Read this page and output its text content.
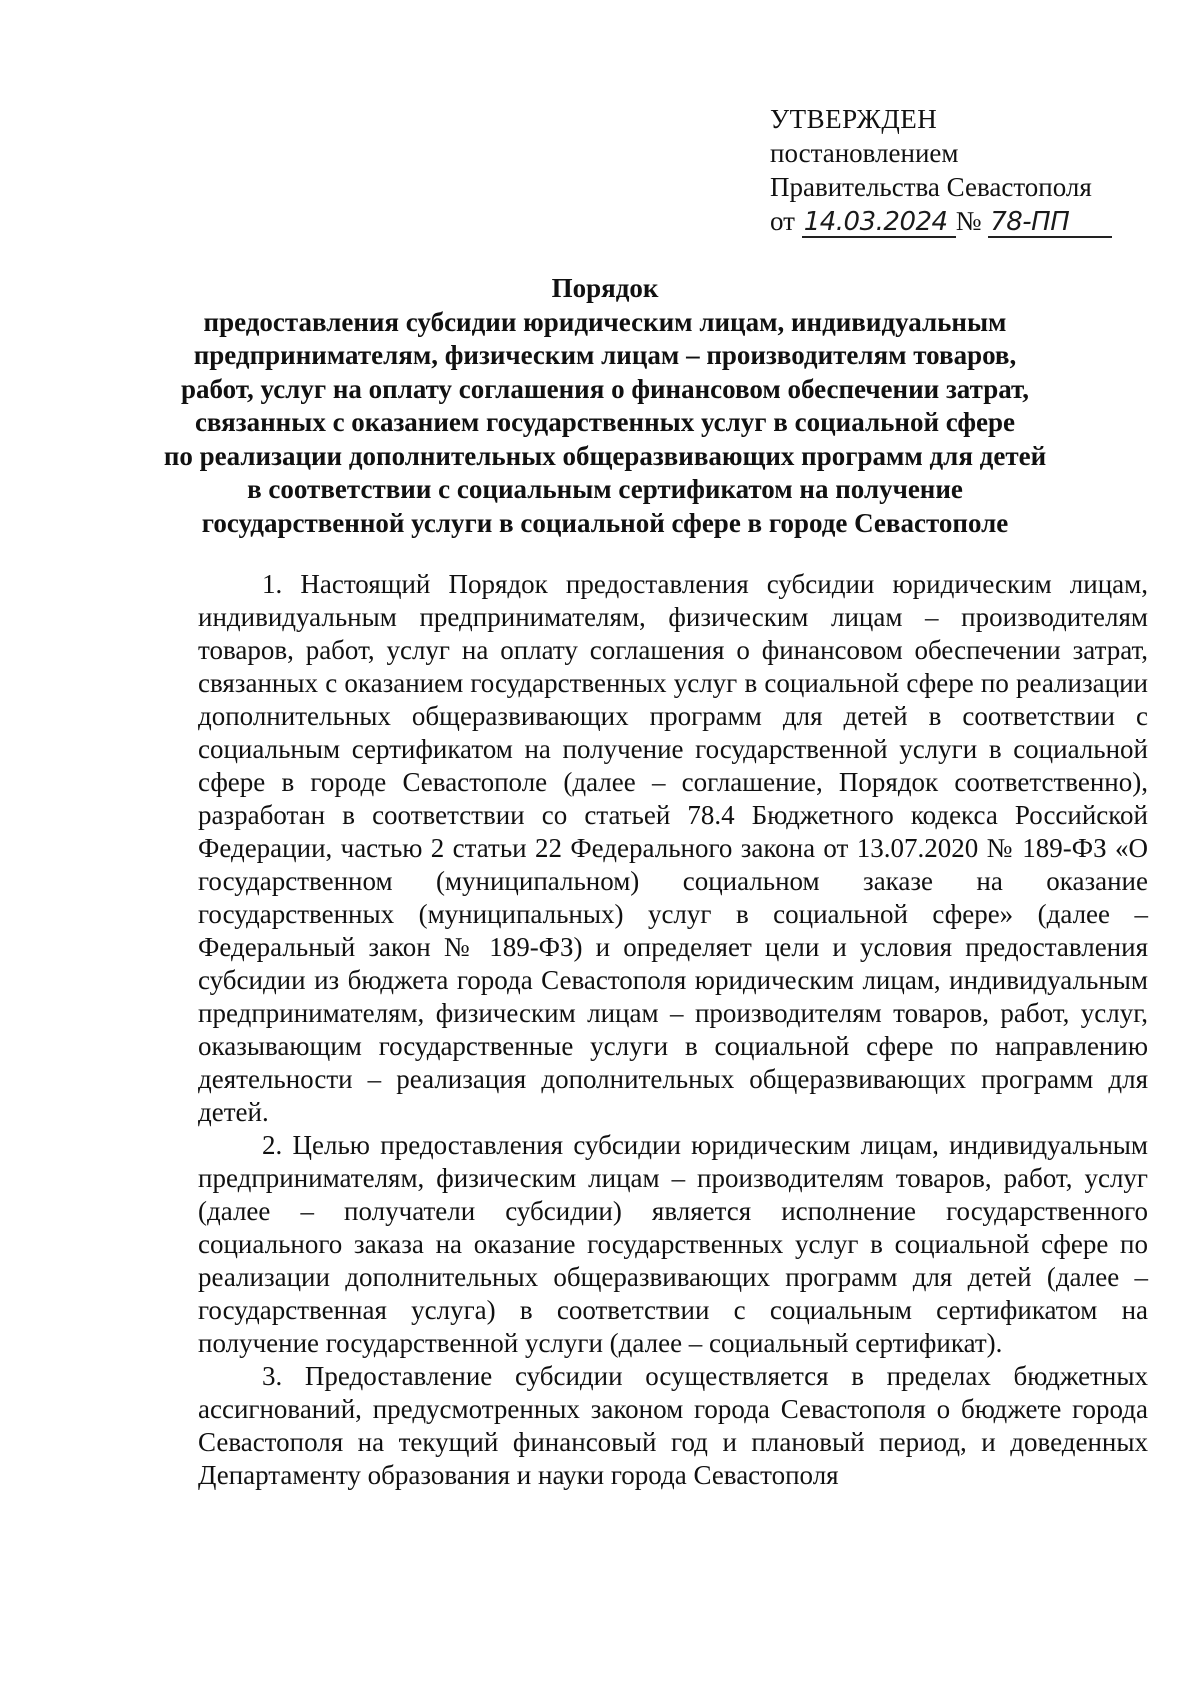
УТВЕРЖДЕН
постановлением
Правительства Севастополя
от 14.03.2024 № 78-ПП
Порядок
предоставления субсидии юридическим лицам, индивидуальным
предпринимателям, физическим лицам – производителям товаров,
работ, услуг на оплату соглашения о финансовом обеспечении затрат,
связанных с оказанием государственных услуг в социальной сфере
по реализации дополнительных общеразвивающих программ для детей
в соответствии с социальным сертификатом на получение
государственной услуги в социальной сфере в городе Севастополе

1. Настоящий Порядок предоставления субсидии юридическим лицам, индивидуальным предпринимателям, физическим лицам – производителям товаров, работ, услуг на оплату соглашения о финансовом обеспечении затрат, связанных с оказанием государственных услуг в социальной сфере по реализации дополнительных общеразвивающих программ для детей в соответствии с социальным сертификатом на получение государственной услуги в социальной сфере в городе Севастополе (далее – соглашение, Порядок соответственно), разработан в соответствии со статьей 78.4 Бюджетного кодекса Российской Федерации, частью 2 статьи 22 Федерального закона от 13.07.2020 № 189-ФЗ «О государственном (муниципальном) социальном заказе на оказание государственных (муниципальных) услуг в социальной сфере» (далее – Федеральный закон № 189-ФЗ) и определяет цели и условия предоставления субсидии из бюджета города Севастополя юридическим лицам, индивидуальным предпринимателям, физическим лицам – производителям товаров, работ, услуг, оказывающим государственные услуги в социальной сфере по направлению деятельности – реализация дополнительных общеразвивающих программ для детей.

2. Целью предоставления субсидии юридическим лицам, индивидуальным предпринимателям, физическим лицам – производителям товаров, работ, услуг (далее – получатели субсидии) является исполнение государственного социального заказа на оказание государственных услуг в социальной сфере по реализации дополнительных общеразвивающих программ для детей (далее – государственная услуга) в соответствии с социальным сертификатом на получение государственной услуги (далее – социальный сертификат).

3. Предоставление субсидии осуществляется в пределах бюджетных ассигнований, предусмотренных законом города Севастополя о бюджете города Севастополя на текущий финансовый год и плановый период, и доведенных Департаменту образования и науки города Севастополя
